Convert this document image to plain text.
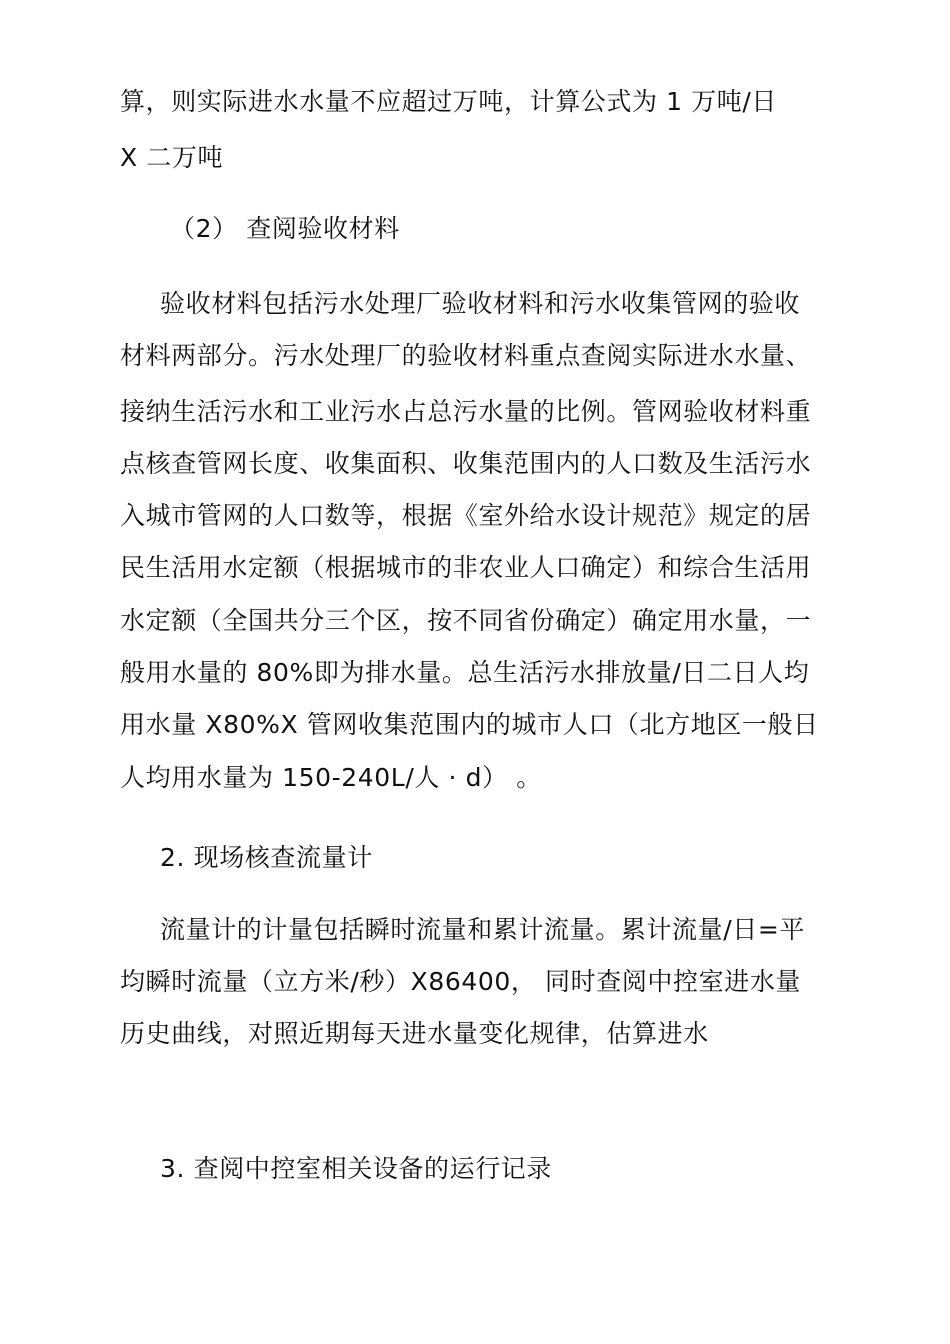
算，则实际进水水量不应超过万吨，计算公式为 1 万吨/日
X 二万吨
（2） 查阅验收材料
验收材料包括污水处理厂验收材料和污水收集管网的验收
材料两部分。污水处理厂的验收材料重点查阅实际进水水量、
接纳生活污水和工业污水占总污水量的比例。管网验收材料重
点核查管网长度、收集面积、收集范围内的人口数及生活污水
入城市管网的人口数等，根据《室外给水设计规范》规定的居
民生活用水定额（根据城市的非农业人口确定）和综合生活用
水定额（全国共分三个区，按不同省份确定）确定用水量，一
般用水量的 80%即为排水量。总生活污水排放量/日二日人均
用水量 X80%X 管网收集范围内的城市人口（北方地区一般日
人均用水量为 150-240L/人 · d） 。
2. 现场核查流量计
流量计的计量包括瞬时流量和累计流量。累计流量/日=平
均瞬时流量（立方米/秒）X86400， 同时查阅中控室进水量
历史曲线，对照近期每天进水量变化规律，估算进水
3. 查阅中控室相关设备的运行记录
